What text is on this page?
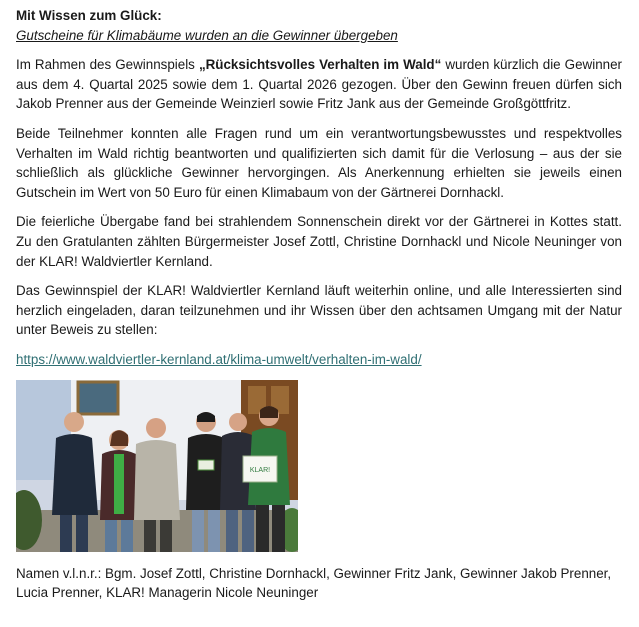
Mit Wissen zum Glück:
Gutscheine für Klimabäume wurden an die Gewinner übergeben

Im Rahmen des Gewinnspiels „Rücksichtsvolles Verhalten im Wald“ wurden kürzlich die Gewinner aus dem 4. Quartal 2025 sowie dem 1. Quartal 2026 gezogen. Über den Gewinn freuen dürfen sich Jakob Prenner aus der Gemeinde Weinzierl sowie Fritz Jank aus der Gemeinde Großgöttfritz.

Beide Teilnehmer konnten alle Fragen rund um ein verantwortungsbewusstes und respektvolles Verhalten im Wald richtig beantworten und qualifizierten sich damit für die Verlosung – aus der sie schließlich als glückliche Gewinner hervorgingen. Als Anerkennung erhielten sie jeweils einen Gutschein im Wert von 50 Euro für einen Klimabaum von der Gärtnerei Dornhackl.

Die feierliche Übergabe fand bei strahlendem Sonnenschein direkt vor der Gärtnerei in Kottes statt. Zu den Gratulanten zählten Bürgermeister Josef Zottl, Christine Dornhackl und Nicole Neuninger von der KLAR! Waldviertler Kernland.

Das Gewinnspiel der KLAR! Waldviertler Kernland läuft weiterhin online, und alle Interessierten sind herzlich eingeladen, daran teilzunehmen und ihr Wissen über den achtsamen Umgang mit der Natur unter Beweis zu stellen:

https://www.waldviertler-kernland.at/klima-umwelt/verhalten-im-wald/
KLAR!
Namen v.l.n.r.: Bgm. Josef Zottl, Christine Dornhackl, Gewinner Fritz Jank, Gewinner Jakob Prenner, Lucia Prenner, KLAR! Managerin Nicole Neuninger
